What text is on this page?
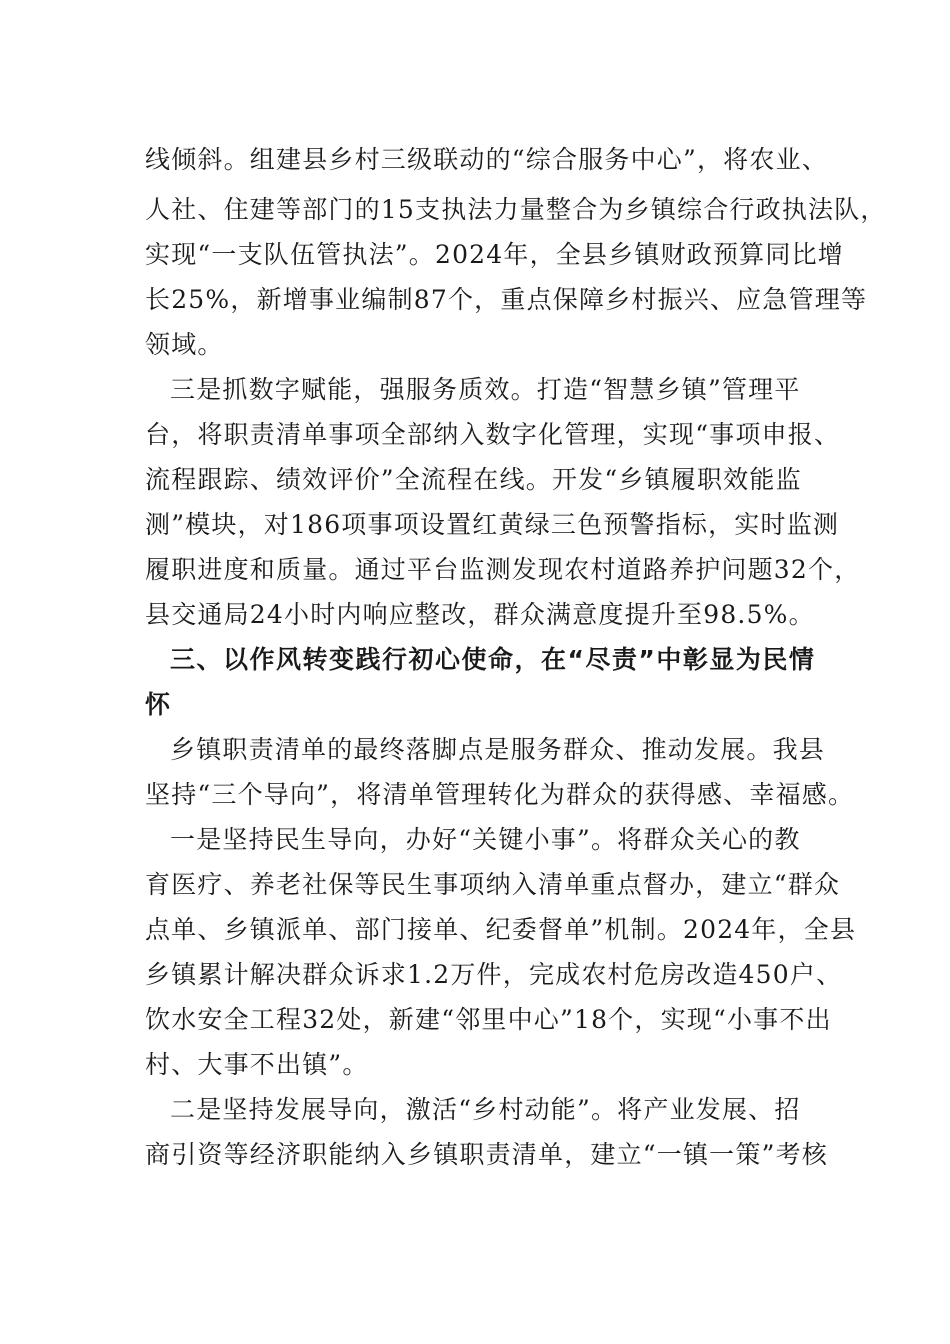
线倾斜。组建县乡村三级联动的“综合服务中心”，将农业、
人社、住建等部门的15支执法力量整合为乡镇综合行政执法队，
实现“一支队伍管执法”。2024年，全县乡镇财政预算同比增
长25%，新增事业编制87个，重点保障乡村振兴、应急管理等
领域。
三是抓数字赋能，强服务质效。打造“智慧乡镇”管理平
台，将职责清单事项全部纳入数字化管理，实现“事项申报、
流程跟踪、绩效评价”全流程在线。开发“乡镇履职效能监
测”模块，对186项事项设置红黄绿三色预警指标，实时监测
履职进度和质量。通过平台监测发现农村道路养护问题32个，
县交通局24小时内响应整改，群众满意度提升至98.5%。
三、以作风转变践行初心使命，在“尽责”中彰显为民情
怀
乡镇职责清单的最终落脚点是服务群众、推动发展。我县
坚持“三个导向”，将清单管理转化为群众的获得感、幸福感。
一是坚持民生导向，办好“关键小事”。将群众关心的教
育医疗、养老社保等民生事项纳入清单重点督办，建立“群众
点单、乡镇派单、部门接单、纪委督单”机制。2024年，全县
乡镇累计解决群众诉求1.2万件，完成农村危房改造450户、
饮水安全工程32处，新建“邻里中心”18个，实现“小事不出
村、大事不出镇”。
二是坚持发展导向，激活“乡村动能”。将产业发展、招
商引资等经济职能纳入乡镇职责清单，建立“一镇一策”考核
